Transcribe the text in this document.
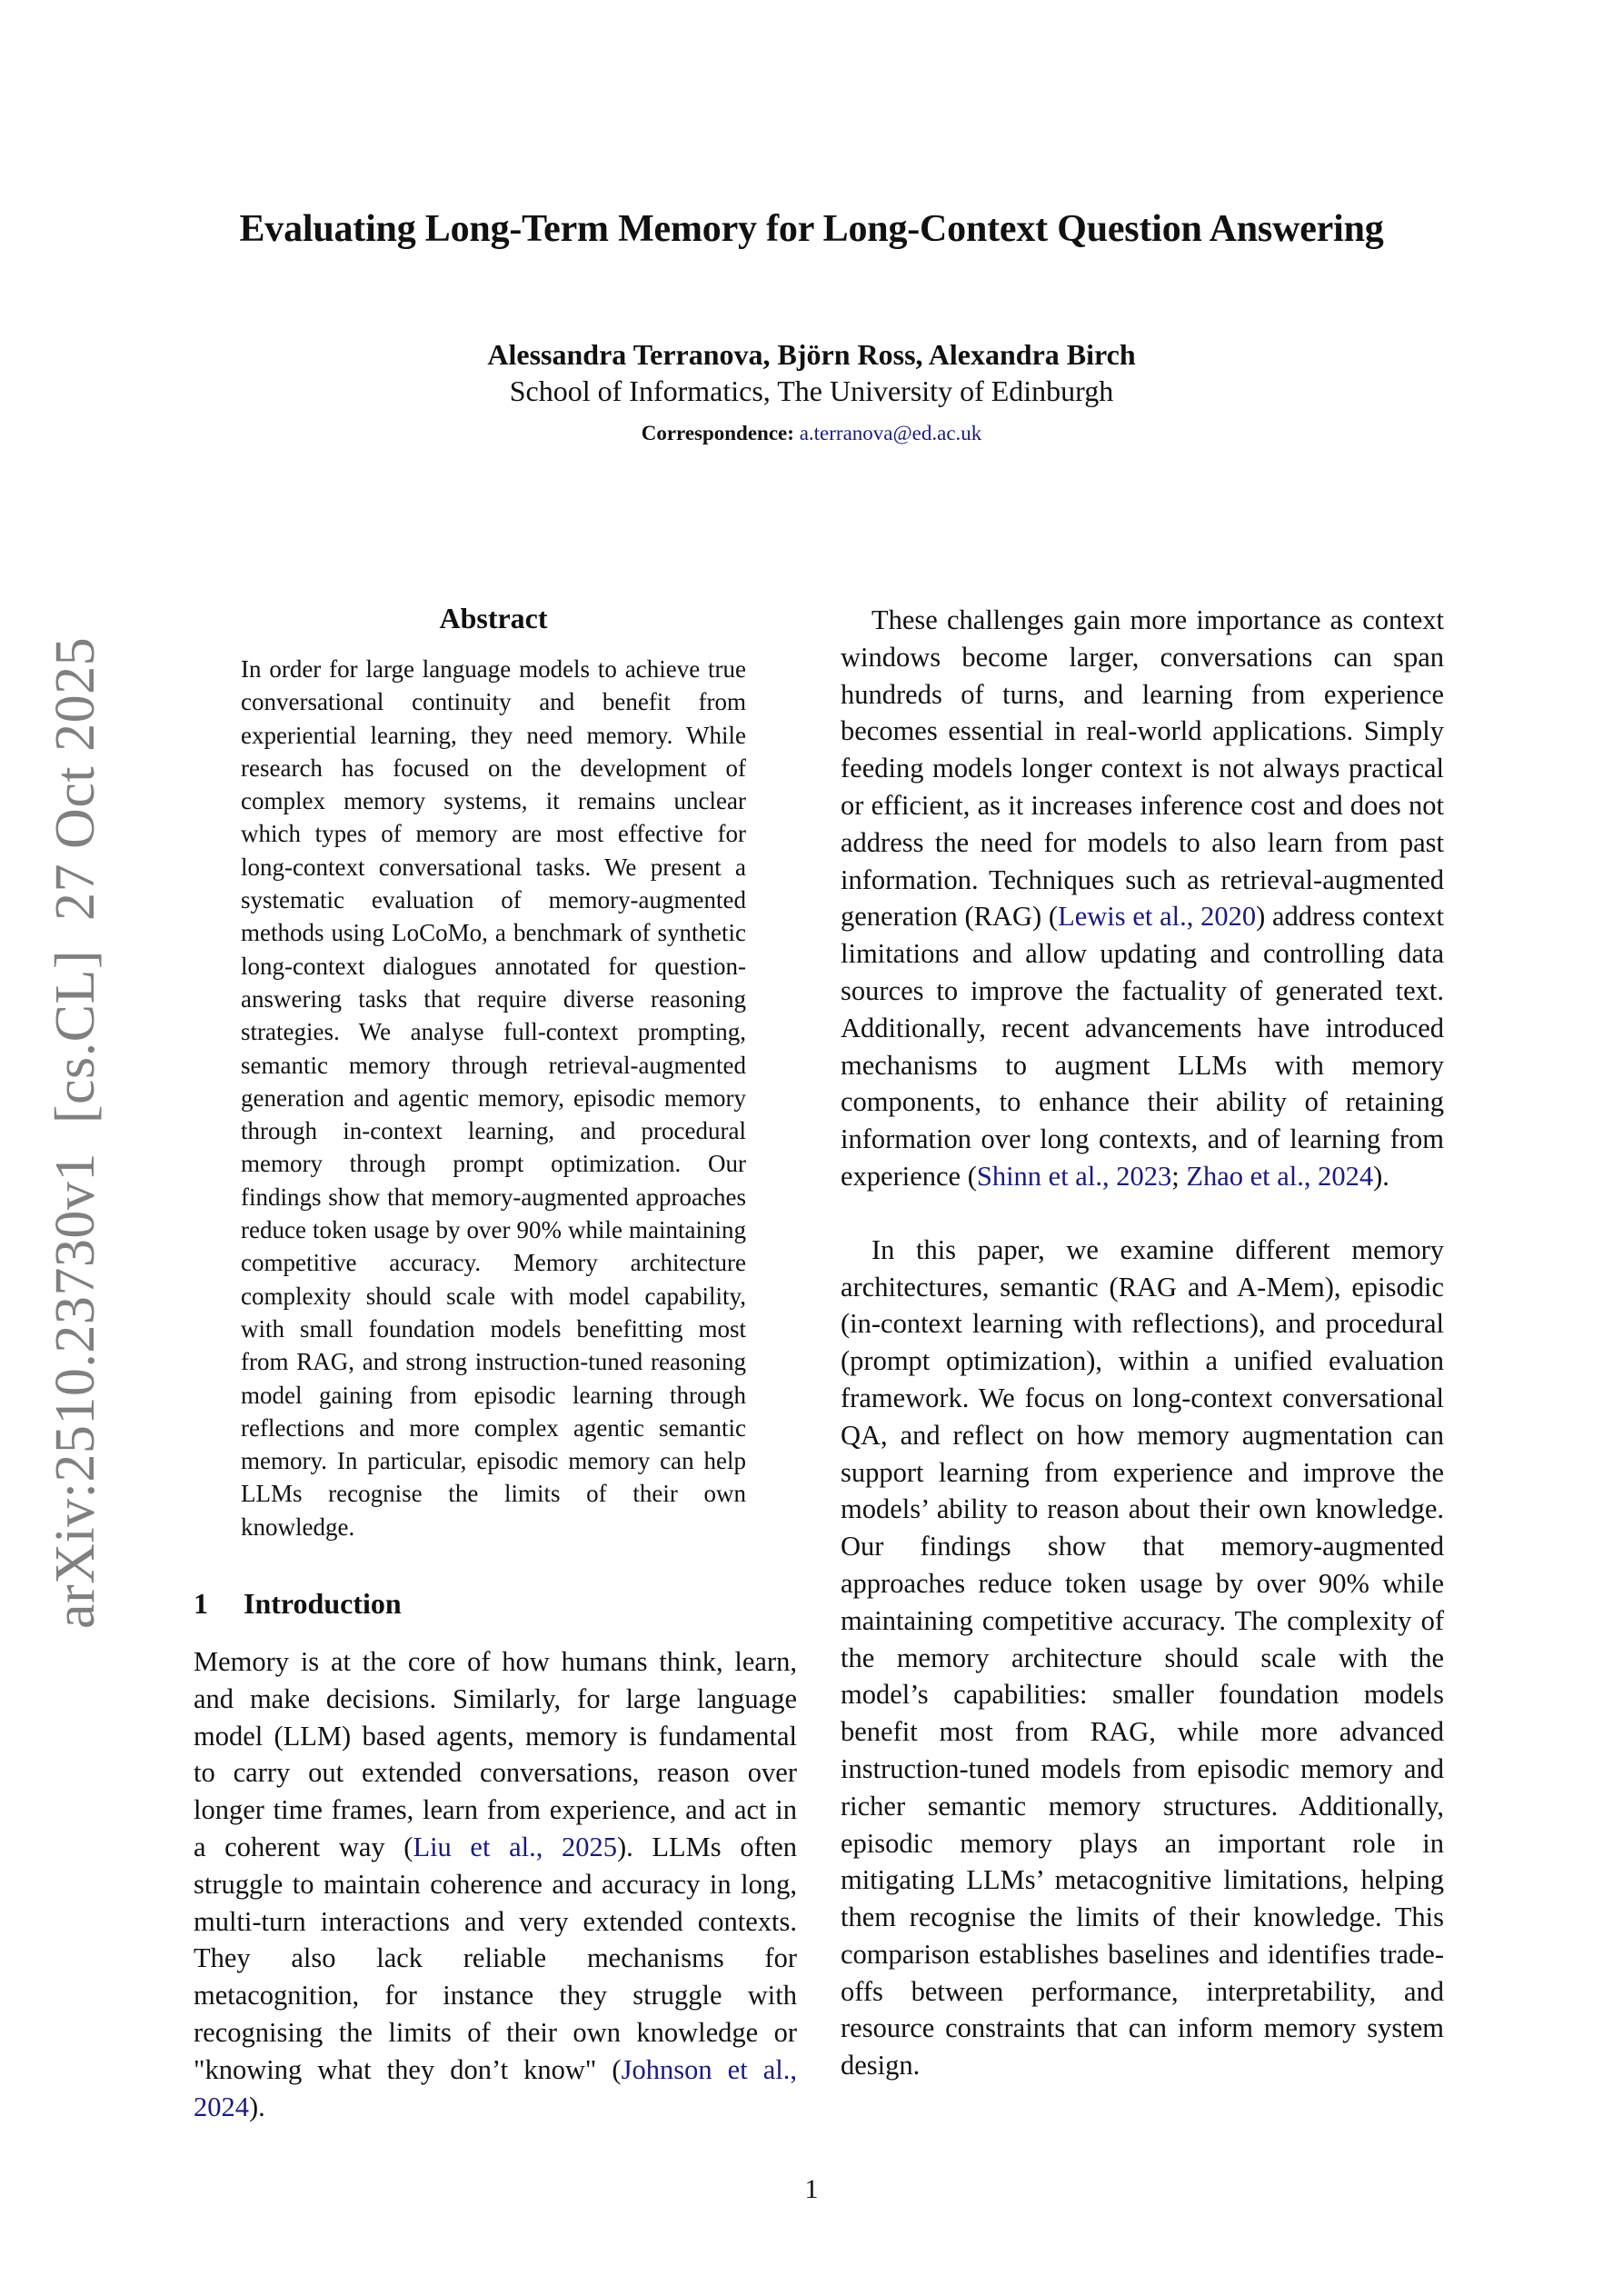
arXiv:2510.23730v1  [cs.CL]  27 Oct 2025
Evaluating Long-Term Memory for Long-Context Question Answering
Alessandra Terranova, Björn Ross, Alexandra Birch
School of Informatics, The University of Edinburgh
Correspondence: a.terranova@ed.ac.uk
Abstract
In order for large language models to achieve true conversational continuity and benefit from experiential learning, they need memory. While research has focused on the development of complex memory systems, it remains unclear which types of memory are most effective for long-context conversational tasks. We present a systematic evaluation of memory-augmented methods using LoCoMo, a benchmark of synthetic long-context dialogues annotated for question-answering tasks that require diverse reasoning strategies. We analyse full-context prompting, semantic memory through retrieval-augmented generation and agentic memory, episodic memory through in-context learning, and procedural memory through prompt optimization. Our findings show that memory-augmented approaches reduce token usage by over 90% while maintaining competitive accuracy. Memory architecture complexity should scale with model capability, with small foundation models benefitting most from RAG, and strong instruction-tuned reasoning model gaining from episodic learning through reflections and more complex agentic semantic memory. In particular, episodic memory can help LLMs recognise the limits of their own knowledge.
1 Introduction
Memory is at the core of how humans think, learn, and make decisions. Similarly, for large language model (LLM) based agents, memory is fundamental to carry out extended conversations, reason over longer time frames, learn from experience, and act in a coherent way (Liu et al., 2025). LLMs often struggle to maintain coherence and accuracy in long, multi-turn interactions and very extended contexts. They also lack reliable mechanisms for metacognition, for instance they struggle with recognising the limits of their own knowledge or "knowing what they don’t know" (Johnson et al., 2024).

These challenges gain more importance as context windows become larger, conversations can span hundreds of turns, and learning from experience becomes essential in real-world applications. Simply feeding models longer context is not always practical or efficient, as it increases inference cost and does not address the need for models to also learn from past information. Techniques such as retrieval-augmented generation (RAG) (Lewis et al., 2020) address context limitations and allow updating and controlling data sources to improve the factuality of generated text. Additionally, recent advancements have introduced mechanisms to augment LLMs with memory components, to enhance their ability of retaining information over long contexts, and of learning from experience (Shinn et al., 2023; Zhao et al., 2024).

In this paper, we examine different memory architectures, semantic (RAG and A-Mem), episodic (in-context learning with reflections), and procedural (prompt optimization), within a unified evaluation framework. We focus on long-context conversational QA, and reflect on how memory augmentation can support learning from experience and improve the models’ ability to reason about their own knowledge. Our findings show that memory-augmented approaches reduce token usage by over 90% while maintaining competitive accuracy. The complexity of the memory architecture should scale with the model’s capabilities: smaller foundation models benefit most from RAG, while more advanced instruction-tuned models from episodic memory and richer semantic memory structures. Additionally, episodic memory plays an important role in mitigating LLMs’ metacognitive limitations, helping them recognise the limits of their knowledge. This comparison establishes baselines and identifies trade-offs between performance, interpretability, and resource constraints that can inform memory system design.

1
